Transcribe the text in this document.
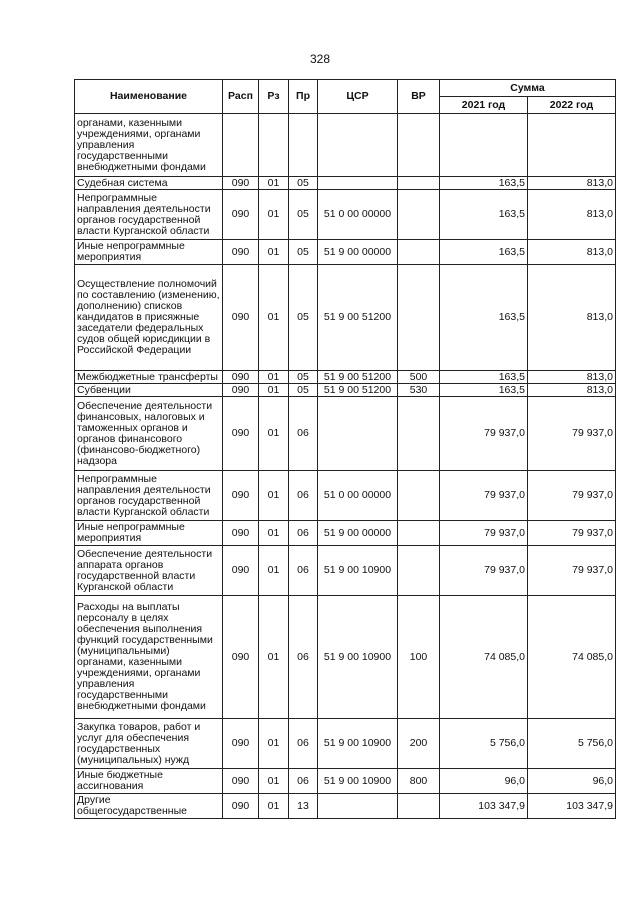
328
Наименование	Расп	Рз	Пр	ЦСР	ВР	Сумма	
						2021 год	2022 год
органами, казенными учреждениями, органами управления государственными внебюджетными фондами							
Судебная система	090	01	05			163,5	813,0
Непрограммные направления деятельности органов государственной власти Курганской области	090	01	05	51 0 00 00000		163,5	813,0
Иные непрограммные мероприятия	090	01	05	51 9 00 00000		163,5	813,0
Осуществление полномочий по составлению (изменению, дополнению) списков кандидатов в присяжные заседатели федеральных судов общей юрисдикции в Российской Федерации	090	01	05	51 9 00 51200		163,5	813,0
Межбюджетные трансферты	090	01	05	51 9 00 51200	500	163,5	813,0
Субвенции	090	01	05	51 9 00 51200	530	163,5	813,0
Обеспечение деятельности финансовых, налоговых и таможенных органов и органов финансового (финансово-бюджетного) надзора	090	01	06			79 937,0	79 937,0
Непрограммные направления деятельности органов государственной власти Курганской области	090	01	06	51 0 00 00000		79 937,0	79 937,0
Иные непрограммные мероприятия	090	01	06	51 9 00 00000		79 937,0	79 937,0
Обеспечение деятельности аппарата органов государственной власти Курганской области	090	01	06	51 9 00 10900		79 937,0	79 937,0
Расходы на выплаты персоналу в целях обеспечения выполнения функций государственными (муниципальными) органами, казенными учреждениями, органами управления государственными внебюджетными фондами	090	01	06	51 9 00 10900	100	74 085,0	74 085,0
Закупка товаров, работ и услуг для обеспечения государственных (муниципальных) нужд	090	01	06	51 9 00 10900	200	5 756,0	5 756,0
Иные бюджетные ассигнования	090	01	06	51 9 00 10900	800	96,0	96,0
Другие общегосударственные	090	01	13			103 347,9	103 347,9
